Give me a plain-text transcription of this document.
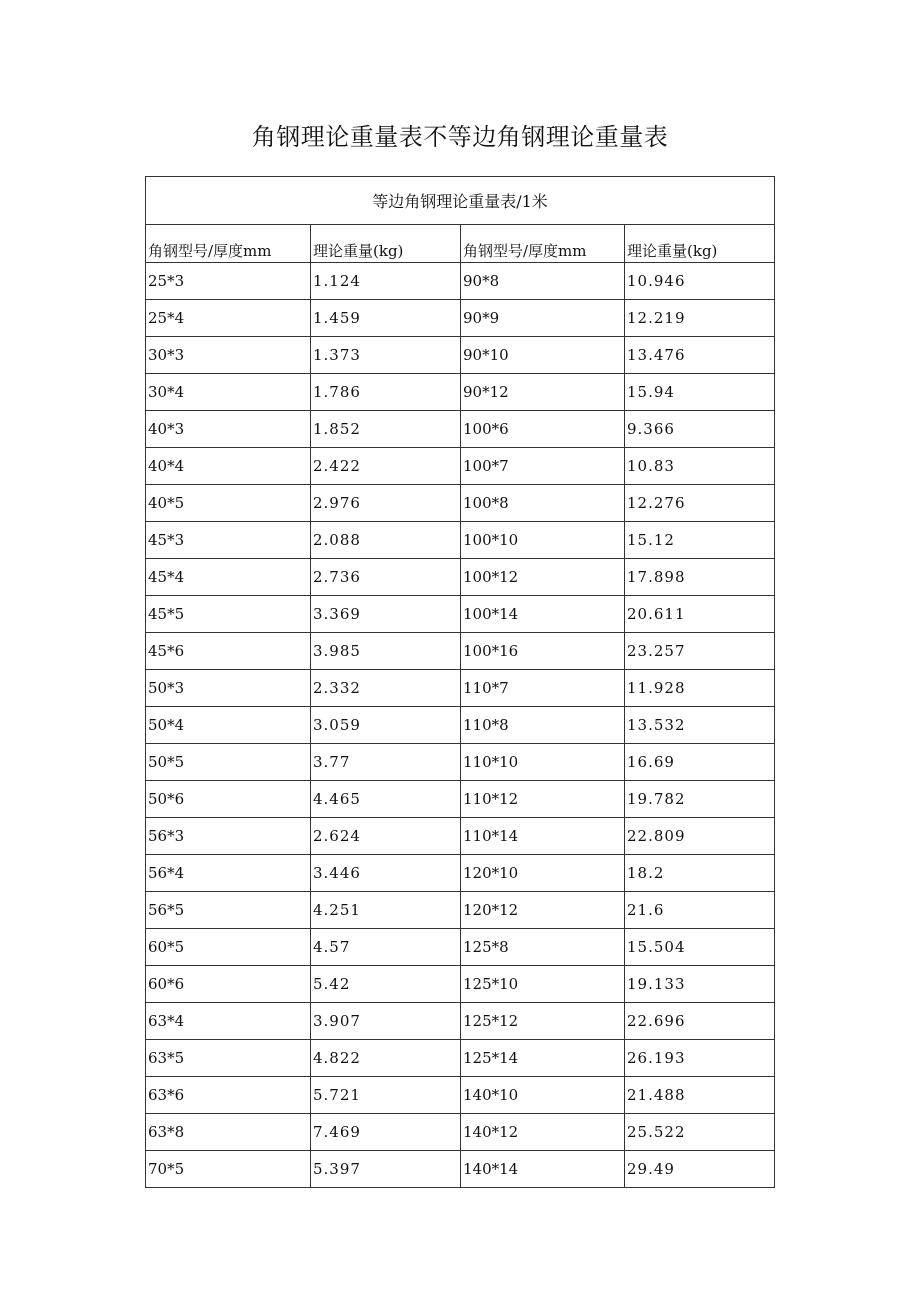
角钢理论重量表不等边角钢理论重量表
等边角钢理论重量表/1米			
角钢型号/厚度mm	理论重量(kg)	角钢型号/厚度mm	理论重量(kg)
25*3	1.124	90*8	10.946
25*4	1.459	90*9	12.219
30*3	1.373	90*10	13.476
30*4	1.786	90*12	15.94
40*3	1.852	100*6	9.366
40*4	2.422	100*7	10.83
40*5	2.976	100*8	12.276
45*3	2.088	100*10	15.12
45*4	2.736	100*12	17.898
45*5	3.369	100*14	20.611
45*6	3.985	100*16	23.257
50*3	2.332	110*7	11.928
50*4	3.059	110*8	13.532
50*5	3.77	110*10	16.69
50*6	4.465	110*12	19.782
56*3	2.624	110*14	22.809
56*4	3.446	120*10	18.2
56*5	4.251	120*12	21.6
60*5	4.57	125*8	15.504
60*6	5.42	125*10	19.133
63*4	3.907	125*12	22.696
63*5	4.822	125*14	26.193
63*6	5.721	140*10	21.488
63*8	7.469	140*12	25.522
70*5	5.397	140*14	29.49
